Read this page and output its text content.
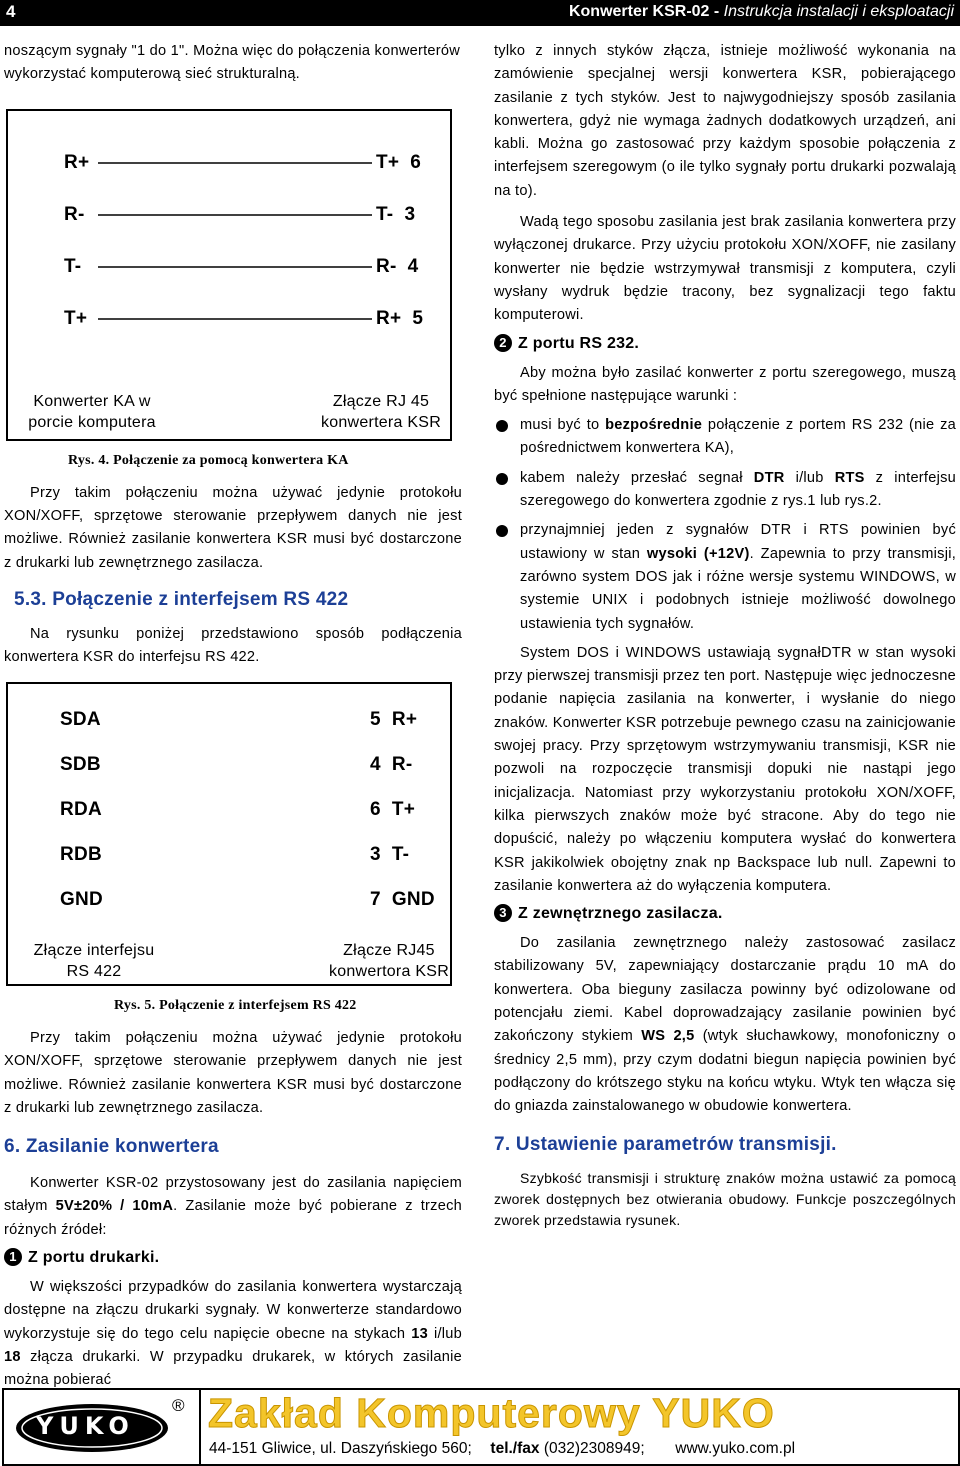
4	Konwerter KSR-02 - Instrukcja instalacji i eksploatacji

noszącym sygnały "1 do 1". Można więc do połączenia konwerterów wykorzystać komputerową sieć strukturalną.

R+
R-
T-
T+
T+  6
T-  3
R-  4
R+  5
Konwerter KA w
porcie komputera
Złącze RJ 45
konwertera KSR
Rys. 4. Połączenie za pomocą konwertera KA

Przy takim połączeniu można używać jedynie protokołu XON/XOFF, sprzętowe sterowanie przepływem danych nie jest możliwe. Również zasilanie konwertera KSR musi być dostarczone z drukarki lub zewnętrznego zasilacza.

5.3. Połączenie z interfejsem RS 422

Na rysunku poniżej przedstawiono sposób podłączenia konwertera KSR do interfejsu RS 422.

SDA
SDB
RDA
RDB
GND
5  R+
4  R-
6  T+
3  T-
7  GND
Złącze interfejsu
RS 422
Złącze RJ45
konwertora KSR
Rys. 5. Połączenie z interfejsem RS 422

Przy takim połączeniu można używać jedynie protokołu XON/XOFF, sprzętowe sterowanie przepływem danych nie jest możliwe. Również zasilanie konwertera KSR musi być dostarczone z drukarki lub zewnętrznego zasilacza.

6. Zasilanie konwertera

Konwerter KSR-02 przystosowany jest do zasilania napięciem stałym 5V±20% / 10mA. Zasilanie może być pobierane z trzech różnych źródeł:

1 Z portu drukarki.

W większości przypadków do zasilania konwertera wystarczają dostępne na złączu drukarki sygnały. W konwerterze standardowo wykorzystuje się do tego celu napięcie obecne na stykach 13 i/lub 18 złącza drukarki. W przypadku drukarek, w których zasilanie można pobierać

tylko z innych styków złącza, istnieje możliwość wykonania na zamówienie specjalnej wersji konwertera KSR, pobierającego zasilanie z tych styków. Jest to najwygodniejszy sposób zasilania konwertera, gdyż nie wymaga żadnych dodatkowych urządzeń, ani kabli. Można go zastosować przy każdym sposobie połączenia z interfejsem szeregowym (o ile tylko sygnały portu drukarki pozwalają na to).

Wadą tego sposobu zasilania jest brak zasilania konwertera przy wyłączonej drukarce. Przy użyciu protokołu XON/XOFF, nie zasilany konwerter nie będzie wstrzymywał transmisji z komputera, czyli wysłany wydruk będzie tracony, bez sygnalizacji tego faktu komputerowi.

2 Z portu RS 232.

Aby można było zasilać konwerter z portu szeregowego, muszą być spełnione następujące warunki :

musi być to bezpośrednie połączenie z portem RS 232 (nie za pośrednictwem konwertera KA),

kabem należy przesłać segnał DTR i/lub RTS z interfejsu szeregowego do konwertera zgodnie z rys.1 lub rys.2.

przynajmniej jeden z sygnałów DTR i RTS powinien być ustawiony w stan wysoki (+12V). Zapewnia to przy transmisji, zarówno system DOS jak i różne wersje systemu WINDOWS, w systemie UNIX i podobnych istnieje możliwość dowolnego ustawienia tych sygnałów.

System DOS i WINDOWS ustawiają sygnałDTR w stan wysoki przy pierwszej transmisji przez ten port. Następuje więc jednoczesne podanie napięcia zasilania na konwerter, i wysłanie do niego znaków. Konwerter KSR potrzebuje pewnego czasu na zainicjowanie swojej pracy. Przy sprzętowym wstrzymywaniu transmisji, KSR nie pozwoli na rozpoczęcie transmisji dopuki nie nastąpi jego inicjalizacja. Natomiast przy wykorzystaniu protokołu XON/XOFF, kilka pierwszych znaków może być stracone. Aby do tego nie dopuścić, należy po włączeniu komputera wysłać do konwertera KSR jakikolwiek obojętny znak np Backspace lub null. Zapewni to zasilanie konwertera aż do wyłączenia komputera.

3 Z zewnętrznego zasilacza.

Do zasilania zewnętrznego należy zastosować zasilacz stabilizowany 5V, zapewniający dostarczanie prądu 10 mA do konwertera. Oba bieguny zasilacza powinny być odizolowane od potencjału ziemi. Kabel doprowadzający zasilanie powinien być zakończony stykiem WS 2,5 (wtyk słuchawkowy, monofoniczny o średnicy 2,5 mm), przy czym dodatni biegun napięcia powinien być podłączony do krótszego styku na końcu wtyku. Wtyk ten włącza się do gniazda zainstalowanego w obudowie konwertera.

7. Ustawienie parametrów transmisji.

Szybkość transmisji i strukturę znaków można ustawić za pomocą zworek dostępnych bez otwierania obudowy. Funkcje poszczególnych zworek przedstawia rysunek.

YUKO
® Zakład Komputerowy YUKO
44-151 Gliwice, ul. Daszyńskiego 560; tel./fax (032)2308949; www.yuko.com.pl
